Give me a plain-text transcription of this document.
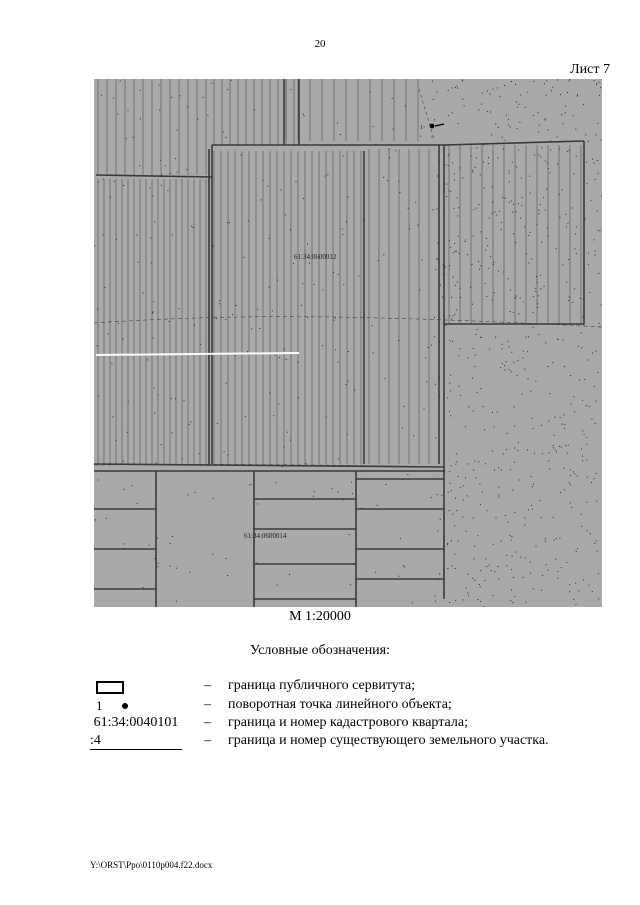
20
Лист 7
1
61:34:0600012
61:34:0600014
М 1:20000
Условные обозначения:
– граница публичного сервитута;
1	– поворотная точка линейного объекта;
61:34:0040101	– граница и номер кадастрового квартала;
:4	– граница и номер существующего земельного участка.
Y:\ORST\Ppo\0110p004.f22.docx
